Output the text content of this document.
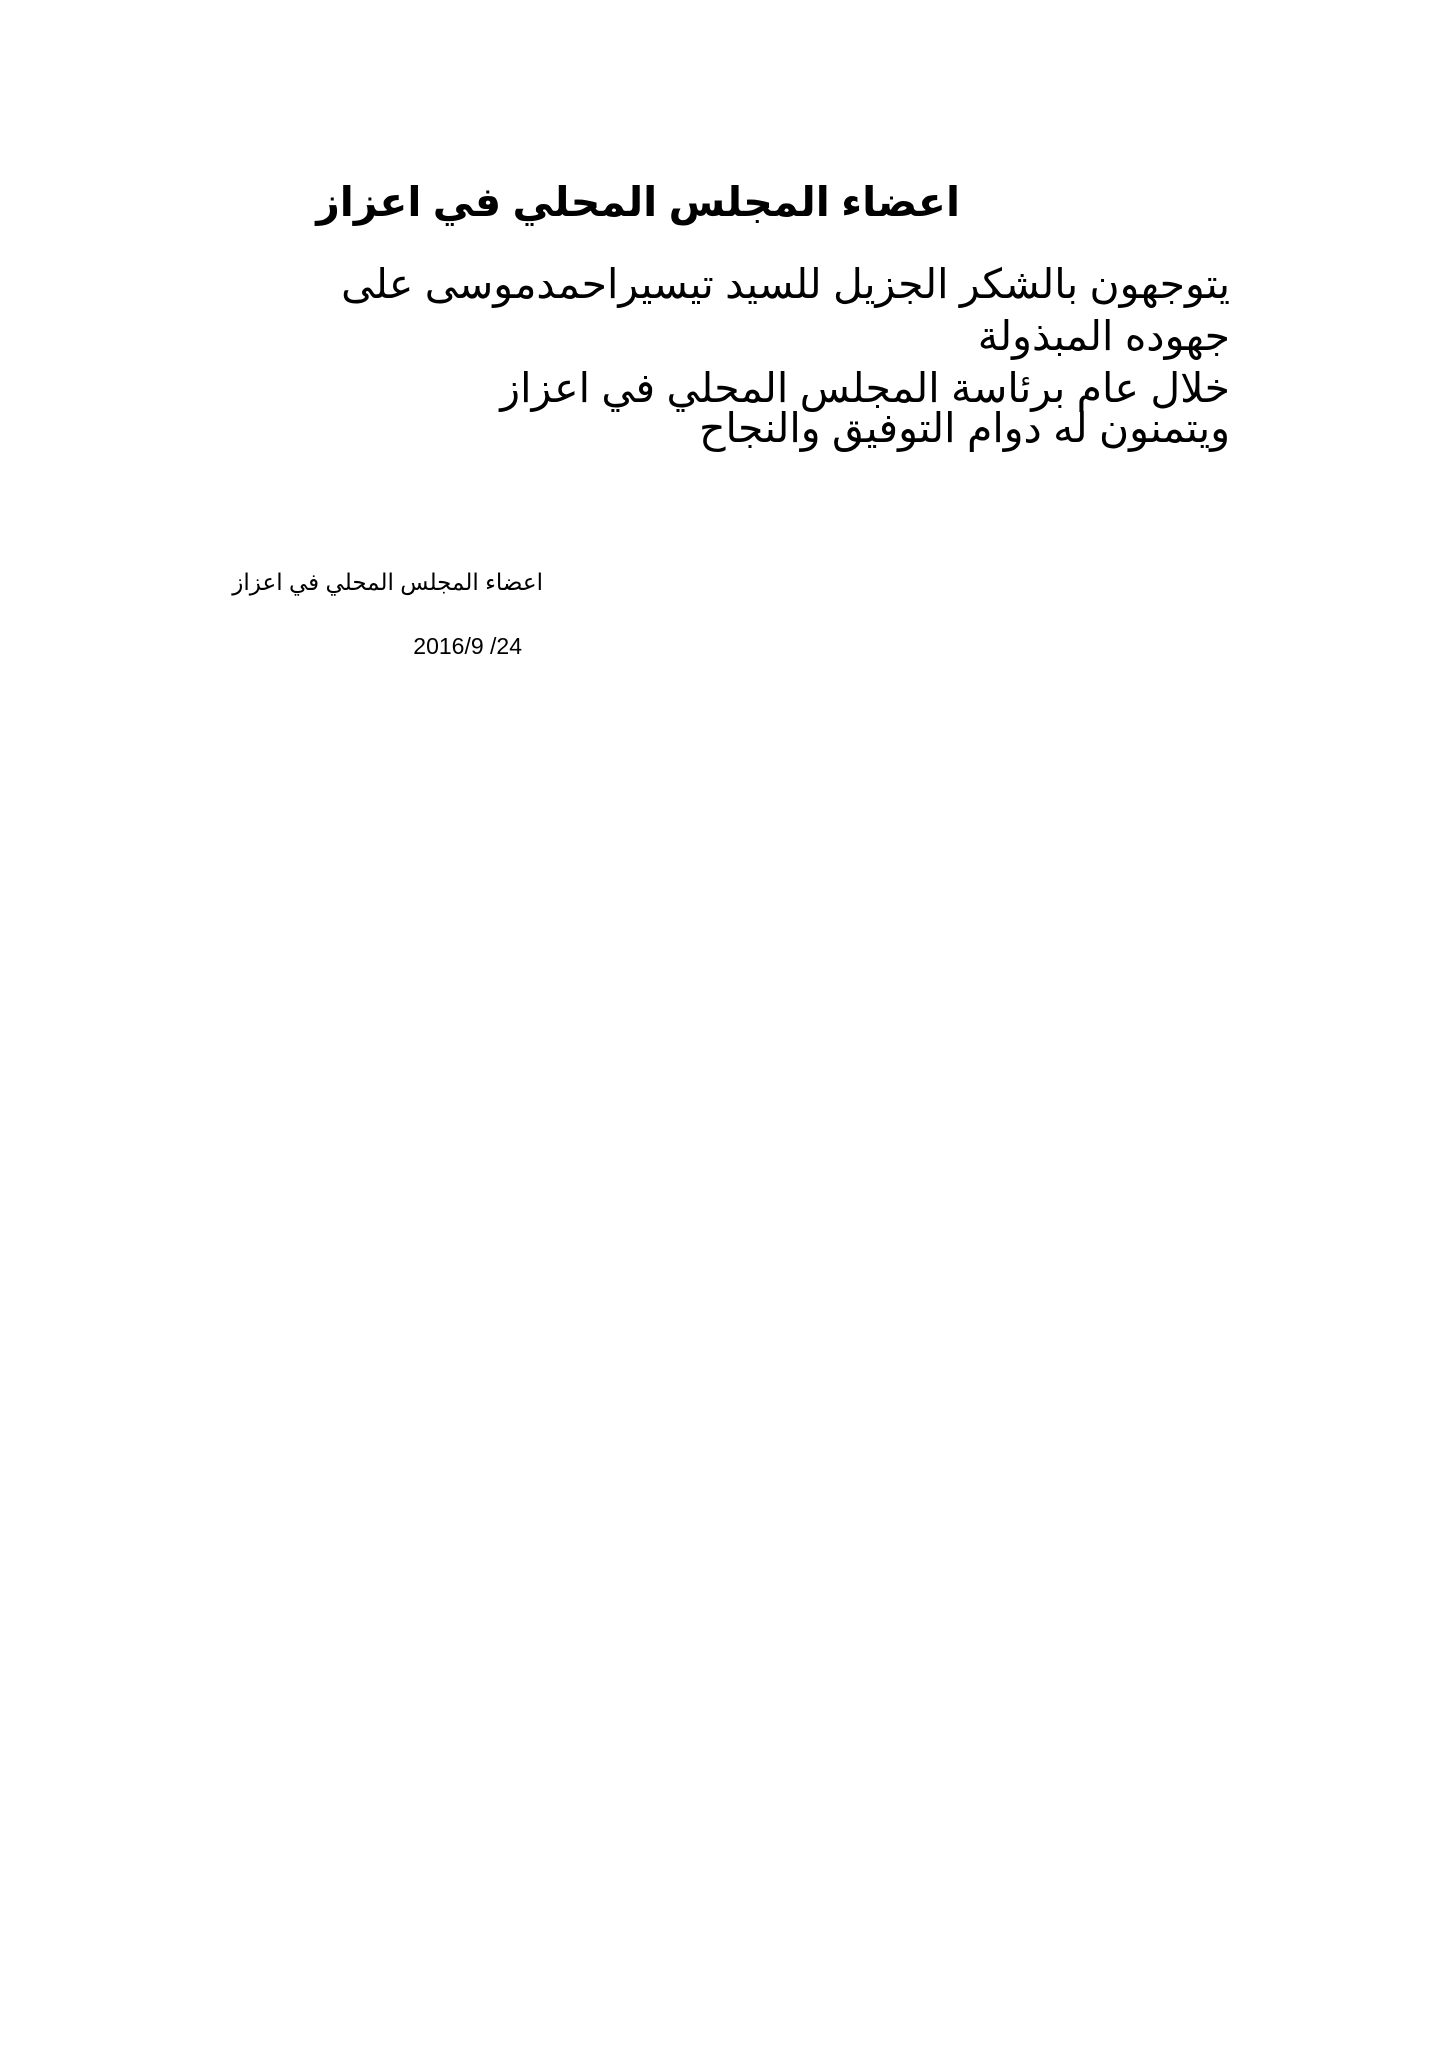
اعضاء المجلس المحلي في اعزاز

يتوجهون بالشكر الجزيل للسيد تيسيراحمدموسى على جهوده المبذولة
خلال عام برئاسة المجلس المحلي في اعزاز

ويتمنون له دوام التوفيق والنجاح

اعضاء المجلس المحلي في اعزاز

2016/9 /24
